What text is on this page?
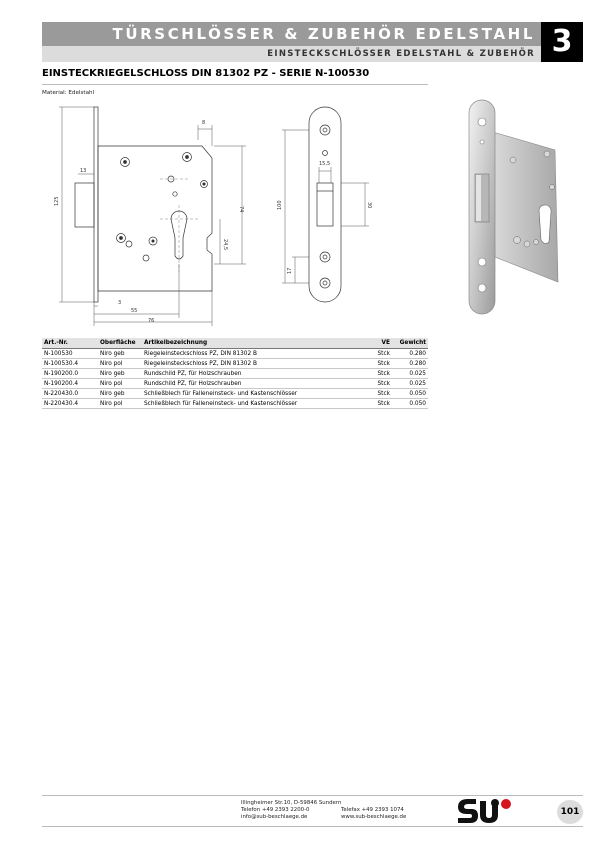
TÜRSCHLÖSSER & ZUBEHÖR EDELSTAHL
EINSTECKSCHLÖSSER EDELSTAHL & ZUBEHÖR 3
EINSTECKRIEGELSCHLOSS DIN 81302 PZ - SERIE N-100530
Material: Edelstahl
125
13
8
74
24,5
3
55
76
100
17
15,5
30
Art.-Nr.	Oberfläche	Artikelbezeichnung	VE	Gewicht
N-100530	Niro geb	Riegeleinsteckschloss PZ, DIN 81302 B	Stck	0.280
N-100530.4	Niro pol	Riegeleinsteckschloss PZ, DIN 81302 B	Stck	0.280
N-190200.0	Niro geb	Rundschild PZ, für Holzschrauben	Stck	0.025
N-190200.4	Niro pol	Rundschild PZ, für Holzschrauben	Stck	0.025
N-220430.0	Niro geb	Schließblech für Falleneinsteck- und Kastenschlösser	Stck	0.050
N-220430.4	Niro pol	Schließblech für Falleneinsteck- und Kastenschlösser	Stck	0.050
Illingheimer Str.10, D-59846 Sundern
Telefon +49 2393 2200-0	Telefax +49 2393 1074
info@sub-beschlaege.de	www.sub-beschlaege.de	101
